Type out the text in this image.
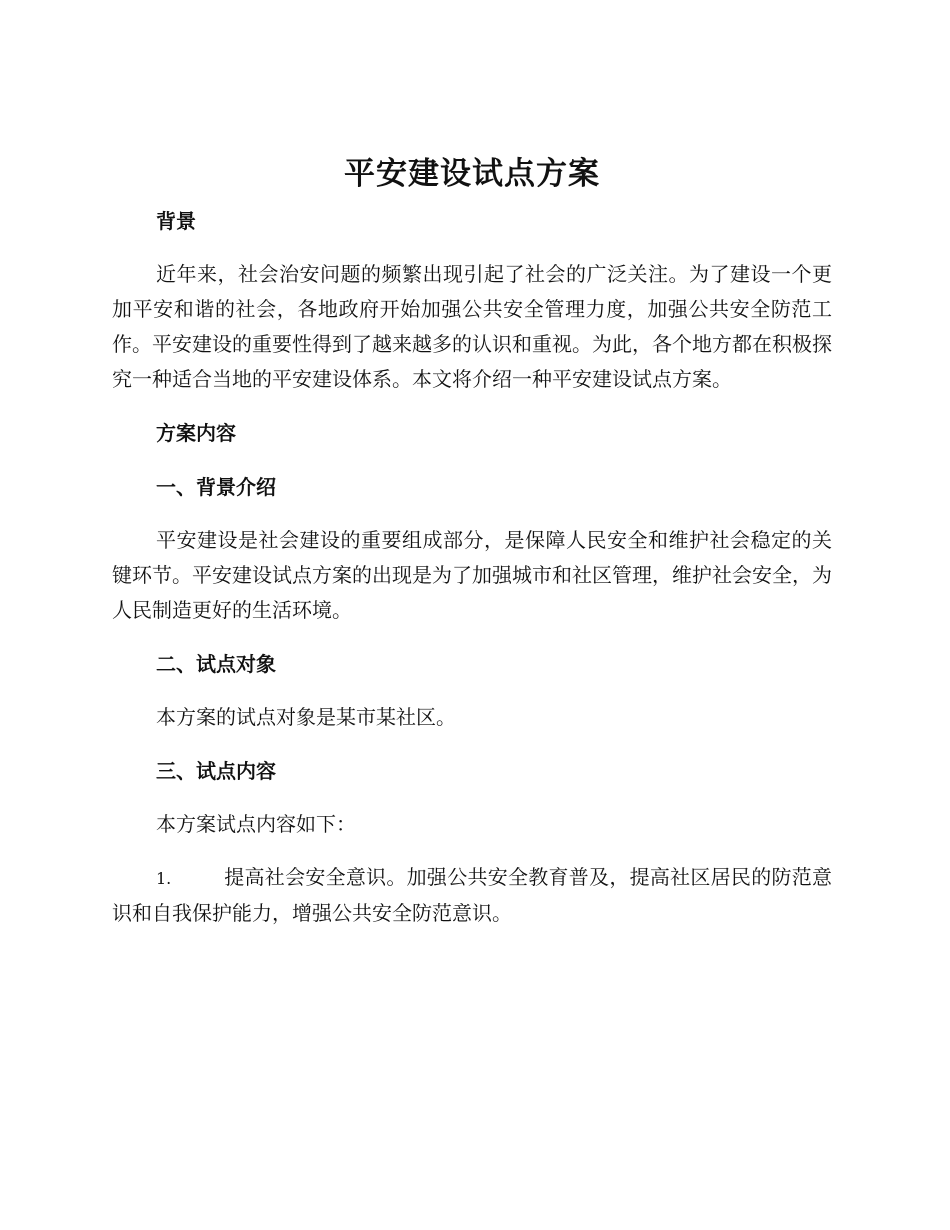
平安建设试点方案
背景

近年来，社会治安问题的频繁出现引起了社会的广泛关注。为了建设一个更加平安和谐的社会，各地政府开始加强公共安全管理力度，加强公共安全防范工作。平安建设的重要性得到了越来越多的认识和重视。为此，各个地方都在积极探究一种适合当地的平安建设体系。本文将介绍一种平安建设试点方案。

方案内容
一、背景介绍

平安建设是社会建设的重要组成部分，是保障人民安全和维护社会稳定的关键环节。平安建设试点方案的出现是为了加强城市和社区管理，维护社会安全，为人民制造更好的生活环境。

二、试点对象

本方案的试点对象是某市某社区。

三、试点内容

本方案试点内容如下：

1.	提高社会安全意识。加强公共安全教育普及，提高社区居民的防范意识和自我保护能力，增强公共安全防范意识。
